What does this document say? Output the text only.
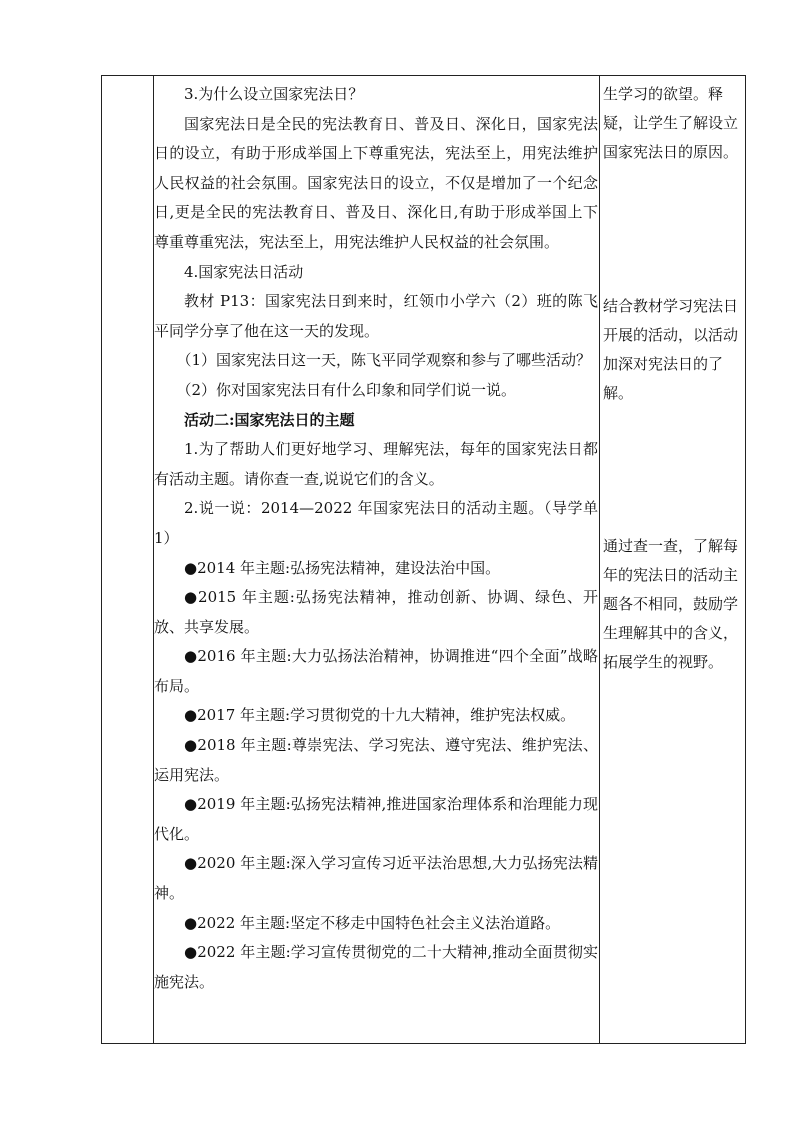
3.为什么设立国家宪法日？

国家宪法日是全民的宪法教育日、普及日、深化日，国家宪法日的设立，有助于形成举国上下尊重宪法，宪法至上，用宪法维护人民权益的社会氛围。国家宪法日的设立，不仅是增加了一个纪念日,更是全民的宪法教育日、普及日、深化日,有助于形成举国上下尊重尊重宪法，宪法至上，用宪法维护人民权益的社会氛围。

4.国家宪法日活动

教材 P13：国家宪法日到来时，红领巾小学六（2）班的陈飞平同学分享了他在这一天的发现。

（1）国家宪法日这一天，陈飞平同学观察和参与了哪些活动？

（2）你对国家宪法日有什么印象和同学们说一说。

活动二:国家宪法日的主题

1.为了帮助人们更好地学习、理解宪法，每年的国家宪法日都有活动主题。请你查一查,说说它们的含义。

2.说一说：2014—2022 年国家宪法日的活动主题。（导学单 1）

●2014 年主题:弘扬宪法精神，建设法治中国。

●2015 年主题:弘扬宪法精神，推动创新、协调、绿色、开放、共享发展。

●2016 年主题:大力弘扬法治精神，协调推进“四个全面”战略布局。

●2017 年主题:学习贯彻党的十九大精神，维护宪法权威。

●2018 年主题:尊崇宪法、学习宪法、遵守宪法、维护宪法、运用宪法。

●2019 年主题:弘扬宪法精神,推进国家治理体系和治理能力现代化。

●2020 年主题:深入学习宣传习近平法治思想,大力弘扬宪法精神。

●2022 年主题:坚定不移走中国特色社会主义法治道路。

●2022 年主题:学习宣传贯彻党的二十大精神,推动全面贯彻实施宪法。

生学习的欲望。释疑，让学生了解设立国家宪法日的原因。
结合教材学习宪法日开展的活动，以活动加深对宪法日的了解。
通过查一查，了解每年的宪法日的活动主题各不相同，鼓励学生理解其中的含义，拓展学生的视野。
